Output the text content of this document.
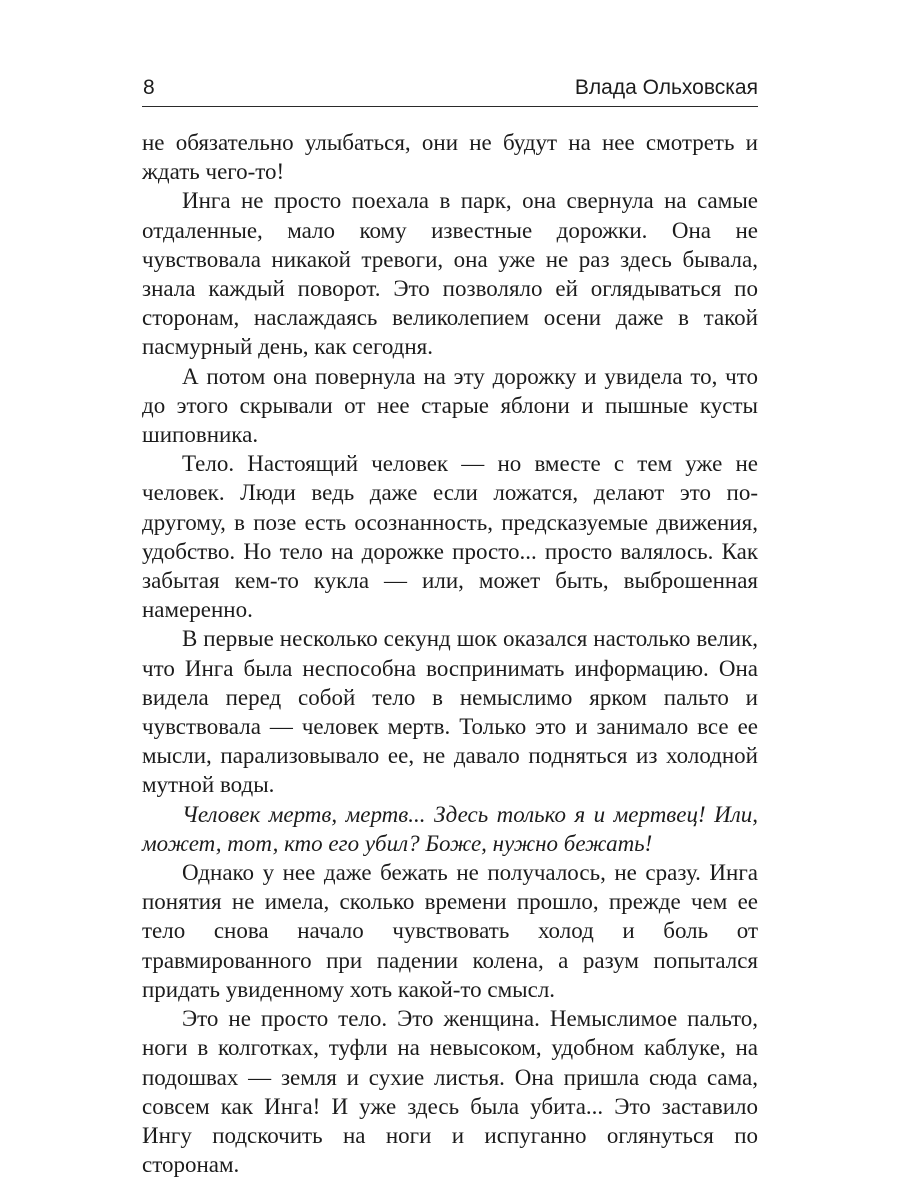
8	Влада Ольховская

не обязательно улыбаться, они не будут на нее смотреть и ждать чего-то!

Инга не просто поехала в парк, она свернула на самые отдаленные, мало кому известные дорожки. Она не чувствовала никакой тревоги, она уже не раз здесь бывала, знала каждый поворот. Это позволяло ей оглядываться по сторонам, наслаждаясь великолепием осени даже в такой пасмурный день, как сегодня.

А потом она повернула на эту дорожку и увидела то, что до этого скрывали от нее старые яблони и пышные кусты шиповника.

Тело. Настоящий человек — но вместе с тем уже не человек. Люди ведь даже если ложатся, делают это по-другому, в позе есть осознанность, предсказуемые движения, удобство. Но тело на дорожке просто... просто валялось. Как забытая кем-то кукла — или, может быть, выброшенная намеренно.

В первые несколько секунд шок оказался настолько велик, что Инга была неспособна воспринимать информацию. Она видела перед собой тело в немыслимо ярком пальто и чувствовала — человек мертв. Только это и занимало все ее мысли, парализовывало ее, не давало подняться из холодной мутной воды.

Человек мертв, мертв... Здесь только я и мертвец! Или, может, тот, кто его убил? Боже, нужно бежать!

Однако у нее даже бежать не получалось, не сразу. Инга понятия не имела, сколько времени прошло, прежде чем ее тело снова начало чувствовать холод и боль от травмированного при падении колена, а разум попытался придать увиденному хоть какой-то смысл.

Это не просто тело. Это женщина. Немыслимое пальто, ноги в колготках, туфли на невысоком, удобном каблуке, на подошвах — земля и сухие листья. Она пришла сюда сама, совсем как Инга! И уже здесь была убита... Это заставило Ингу подскочить на ноги и испуганно оглянуться по сторонам.
